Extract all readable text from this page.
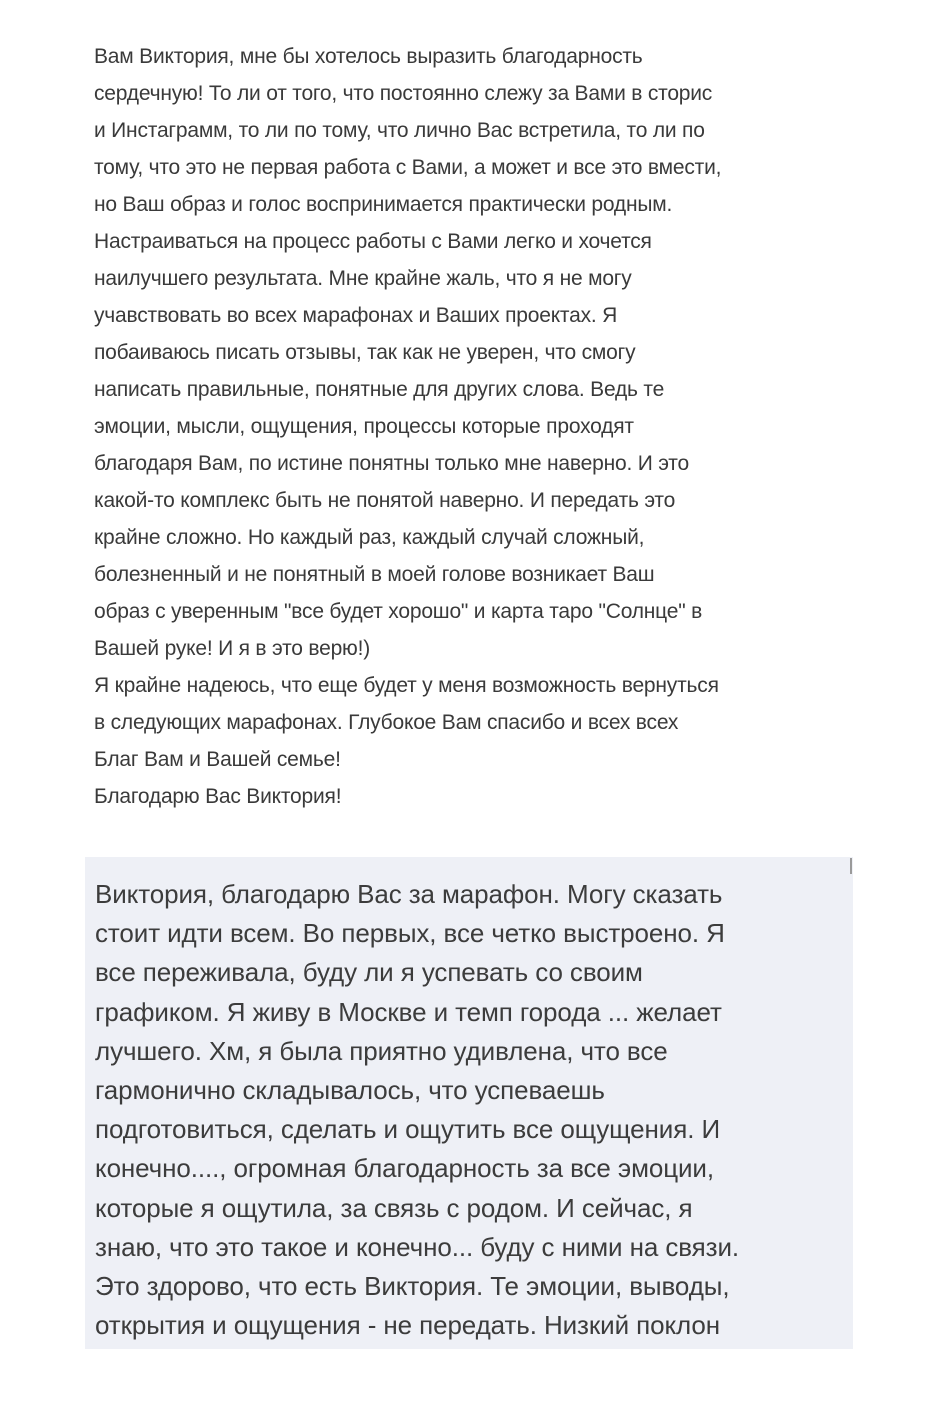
Вам Виктория, мне бы хотелось выразить благодарность
сердечную! То ли от того, что постоянно слежу за Вами в сторис
и Инстаграмм, то ли по тому, что лично Вас встретила, то ли по
тому, что это не первая работа с Вами, а может и все это вмести,
но Ваш образ и голос воспринимается практически родным.
Настраиваться на процесс работы с Вами легко и хочется
наилучшего результата. Мне крайне жаль, что я не могу
учавствовать во всех марафонах и Ваших проектах. Я
побаиваюсь писать отзывы, так как не уверен, что смогу
написать правильные, понятные для других слова. Ведь те
эмоции, мысли, ощущения, процессы которые проходят
благодаря Вам, по истине понятны только мне наверно. И это
какой-то комплекс быть не понятой наверно. И передать это
крайне сложно. Но каждый раз, каждый случай сложный,
болезненный и не понятный в моей голове возникает Ваш
образ с уверенным "все будет хорошо" и карта таро "Солнце" в
Вашей руке! И я в это верю!)
Я крайне надеюсь, что еще будет у меня возможность вернуться
в следующих марафонах. Глубокое Вам спасибо и всех всех
Благ Вам и Вашей семье!
Благодарю Вас Виктория!
Виктория, благодарю Вас за марафон. Могу сказать
стоит идти всем. Во первых, все четко выстроено. Я
все переживала, буду ли я успевать со своим
графиком. Я живу в Москве и темп города ... желает
лучшего. Хм, я была приятно удивлена, что все
гармонично складывалось, что успеваешь
подготовиться, сделать и ощутить все ощущения. И
конечно...., огромная благодарность за все эмоции,
которые я ощутила, за связь с родом. И сейчас, я
знаю, что это такое и конечно... буду с ними на связи.
Это здорово, что есть Виктория. Те эмоции, выводы,
открытия и ощущения - не передать. Низкий поклон
